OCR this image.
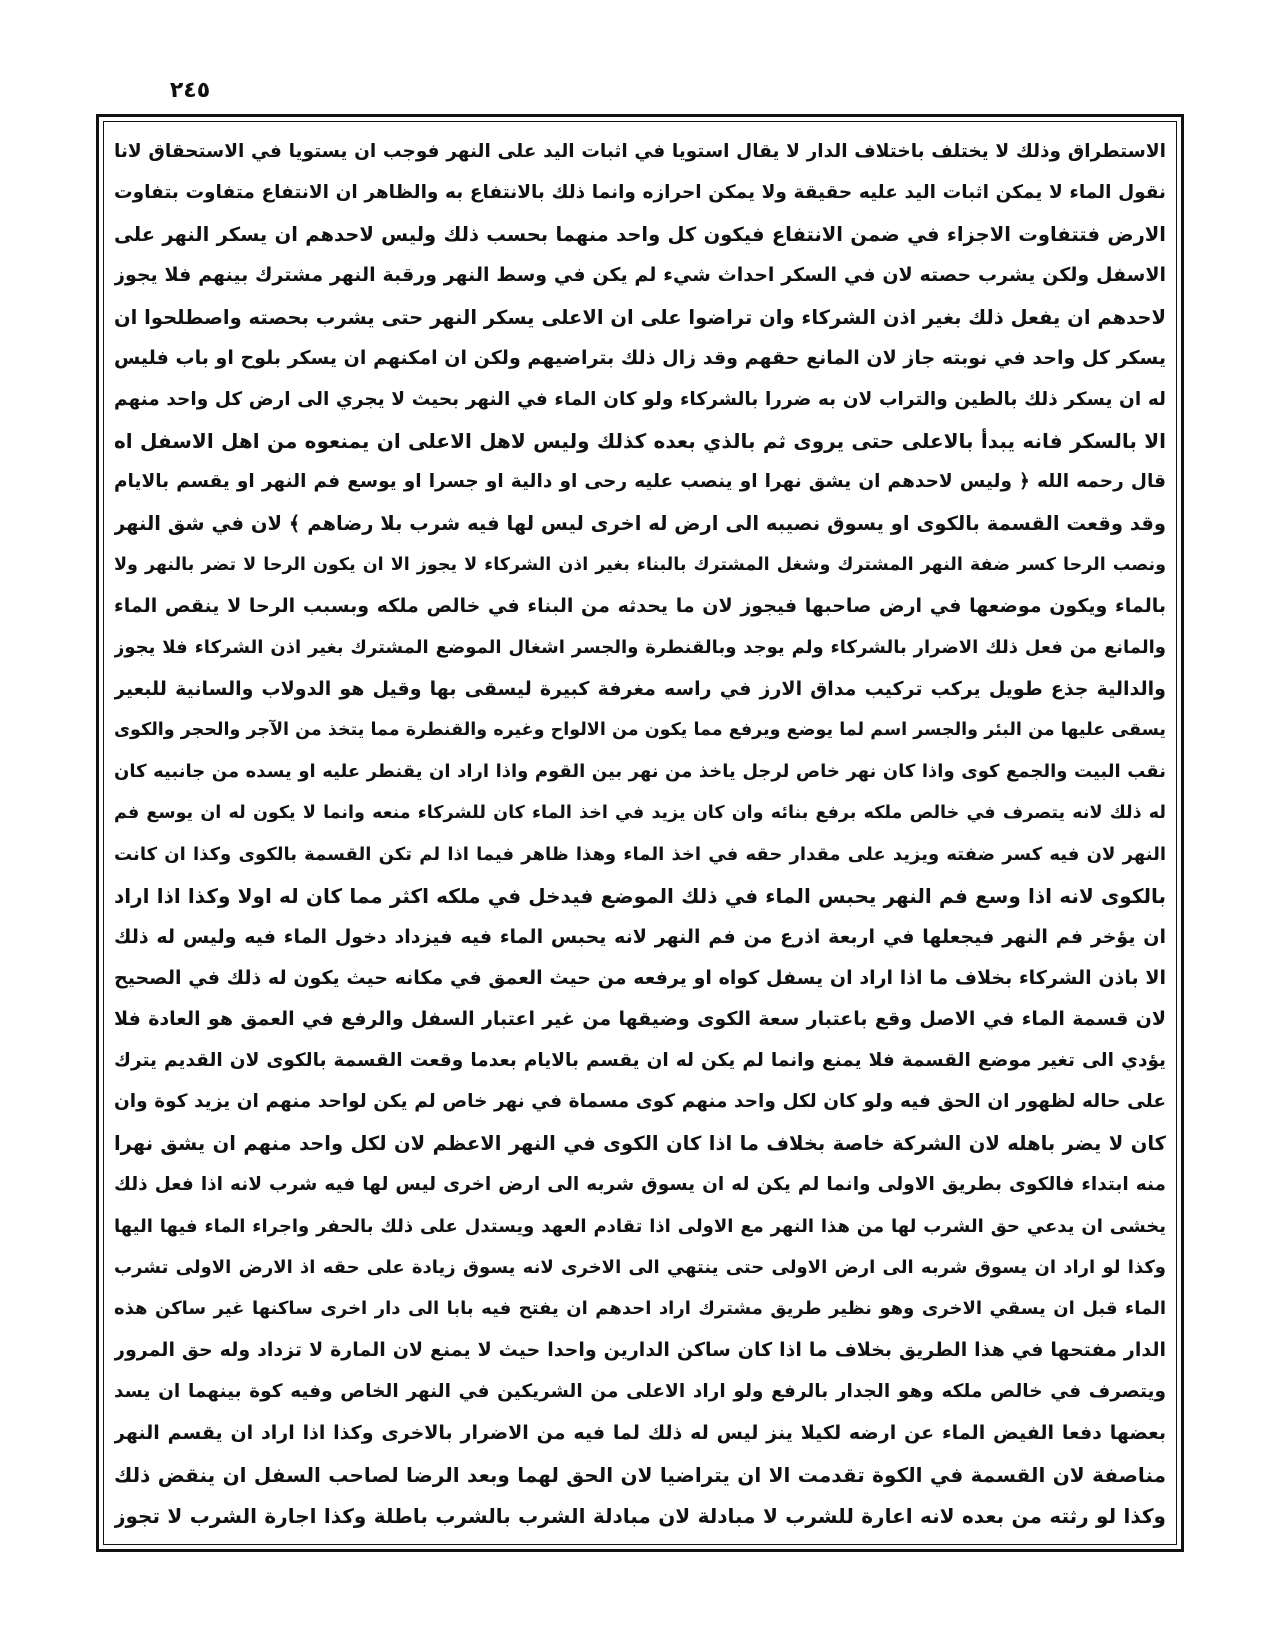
۲٤٥
الاستطراق وذلك لا يختلف باختلاف الدار لا يقال استويا في اثبات اليد على النهر فوجب ان يستويا في الاستحقاق لانا
نقول الماء لا يمكن اثبات اليد عليه حقيقة ولا يمكن احرازه وانما ذلك بالانتفاع به والظاهر ان الانتفاع متفاوت بتفاوت
الارض فتتفاوت الاجزاء في ضمن الانتفاع فيكون كل واحد منهما بحسب ذلك وليس لاحدهم ان يسكر النهر على
الاسفل ولكن يشرب حصته لان في السكر احداث شيء لم يكن في وسط النهر ورقبة النهر مشترك بينهم فلا يجوز
لاحدهم ان يفعل ذلك بغير اذن الشركاء وان تراضوا على ان الاعلى يسكر النهر حتى يشرب بحصته واصطلحوا ان
يسكر كل واحد في نوبته جاز لان المانع حقهم وقد زال ذلك بتراضيهم ولكن ان امكنهم ان يسكر بلوح او باب فليس
له ان يسكر ذلك بالطين والتراب لان به ضررا بالشركاء ولو كان الماء في النهر بحيث لا يجري الى ارض كل واحد منهم
الا بالسكر فانه يبدأ بالاعلى حتى يروى ثم بالذي بعده كذلك وليس لاهل الاعلى ان يمنعوه من اهل الاسفل اه
قال رحمه الله ﴿ وليس لاحدهم ان يشق نهرا او ينصب عليه رحى او دالية او جسرا او يوسع فم النهر او يقسم بالايام
وقد وقعت القسمة بالكوى او يسوق نصيبه الى ارض له اخرى ليس لها فيه شرب بلا رضاهم ﴾ لان في شق النهر
ونصب الرحا كسر ضفة النهر المشترك وشغل المشترك بالبناء بغير اذن الشركاء لا يجوز الا ان يكون الرحا لا تضر بالنهر ولا
بالماء ويكون موضعها في ارض صاحبها فيجوز لان ما يحدثه من البناء في خالص ملكه وبسبب الرحا لا ينقص الماء
والمانع من فعل ذلك الاضرار بالشركاء ولم يوجد وبالقنطرة والجسر اشغال الموضع المشترك بغير اذن الشركاء فلا يجوز
والدالية جذع طويل يركب تركيب مداق الارز في راسه مغرفة كبيرة ليسقى بها وقيل هو الدولاب والسانية للبعير
يسقى عليها من البئر والجسر اسم لما يوضع ويرفع مما يكون من الالواح وغيره والقنطرة مما يتخذ من الآجر والحجر والكوى
نقب البيت والجمع كوى واذا كان نهر خاص لرجل ياخذ من نهر بين القوم واذا اراد ان يقنطر عليه او يسده من جانبيه كان
له ذلك لانه يتصرف في خالص ملكه برفع بنائه وان كان يزيد في اخذ الماء كان للشركاء منعه وانما لا يكون له ان يوسع فم
النهر لان فيه كسر ضفته ويزيد على مقدار حقه في اخذ الماء وهذا ظاهر فيما اذا لم تكن القسمة بالكوى وكذا ان كانت
بالكوى لانه اذا وسع فم النهر يحبس الماء في ذلك الموضع فيدخل في ملكه اكثر مما كان له اولا وكذا اذا اراد
ان يؤخر فم النهر فيجعلها في اربعة اذرع من فم النهر لانه يحبس الماء فيه فيزداد دخول الماء فيه وليس له ذلك
الا باذن الشركاء بخلاف ما اذا اراد ان يسفل كواه او يرفعه من حيث العمق في مكانه حيث يكون له ذلك في الصحيح
لان قسمة الماء في الاصل وقع باعتبار سعة الكوى وضيقها من غير اعتبار السفل والرفع في العمق هو العادة فلا
يؤدي الى تغير موضع القسمة فلا يمنع وانما لم يكن له ان يقسم بالايام بعدما وقعت القسمة بالكوى لان القديم يترك
على حاله لظهور ان الحق فيه ولو كان لكل واحد منهم كوى مسماة في نهر خاص لم يكن لواحد منهم ان يزيد كوة وان
كان لا يضر باهله لان الشركة خاصة بخلاف ما اذا كان الكوى في النهر الاعظم لان لكل واحد منهم ان يشق نهرا
منه ابتداء فالكوى بطريق الاولى وانما لم يكن له ان يسوق شربه الى ارض اخرى ليس لها فيه شرب لانه اذا فعل ذلك
يخشى ان يدعي حق الشرب لها من هذا النهر مع الاولى اذا تقادم العهد ويستدل على ذلك بالحفر واجراء الماء فيها اليها
وكذا لو اراد ان يسوق شربه الى ارض الاولى حتى ينتهي الى الاخرى لانه يسوق زيادة على حقه اذ الارض الاولى تشرب
الماء قبل ان يسقي الاخرى وهو نظير طريق مشترك اراد احدهم ان يفتح فيه بابا الى دار اخرى ساكنها غير ساكن هذه
الدار مفتحها في هذا الطريق بخلاف ما اذا كان ساكن الدارين واحدا حيث لا يمنع لان المارة لا تزداد وله حق المرور
ويتصرف في خالص ملكه وهو الجدار بالرفع ولو اراد الاعلى من الشريكين في النهر الخاص وفيه كوة بينهما ان يسد
بعضها دفعا الفيض الماء عن ارضه لكيلا ينز ليس له ذلك لما فيه من الاضرار بالاخرى وكذا اذا اراد ان يقسم النهر
مناصفة لان القسمة في الكوة تقدمت الا ان يتراضيا لان الحق لهما وبعد الرضا لصاحب السفل ان ينقض ذلك
وكذا لو رثته من بعده لانه اعارة للشرب لا مبادلة لان مبادلة الشرب بالشرب باطلة وكذا اجارة الشرب لا تجوز
